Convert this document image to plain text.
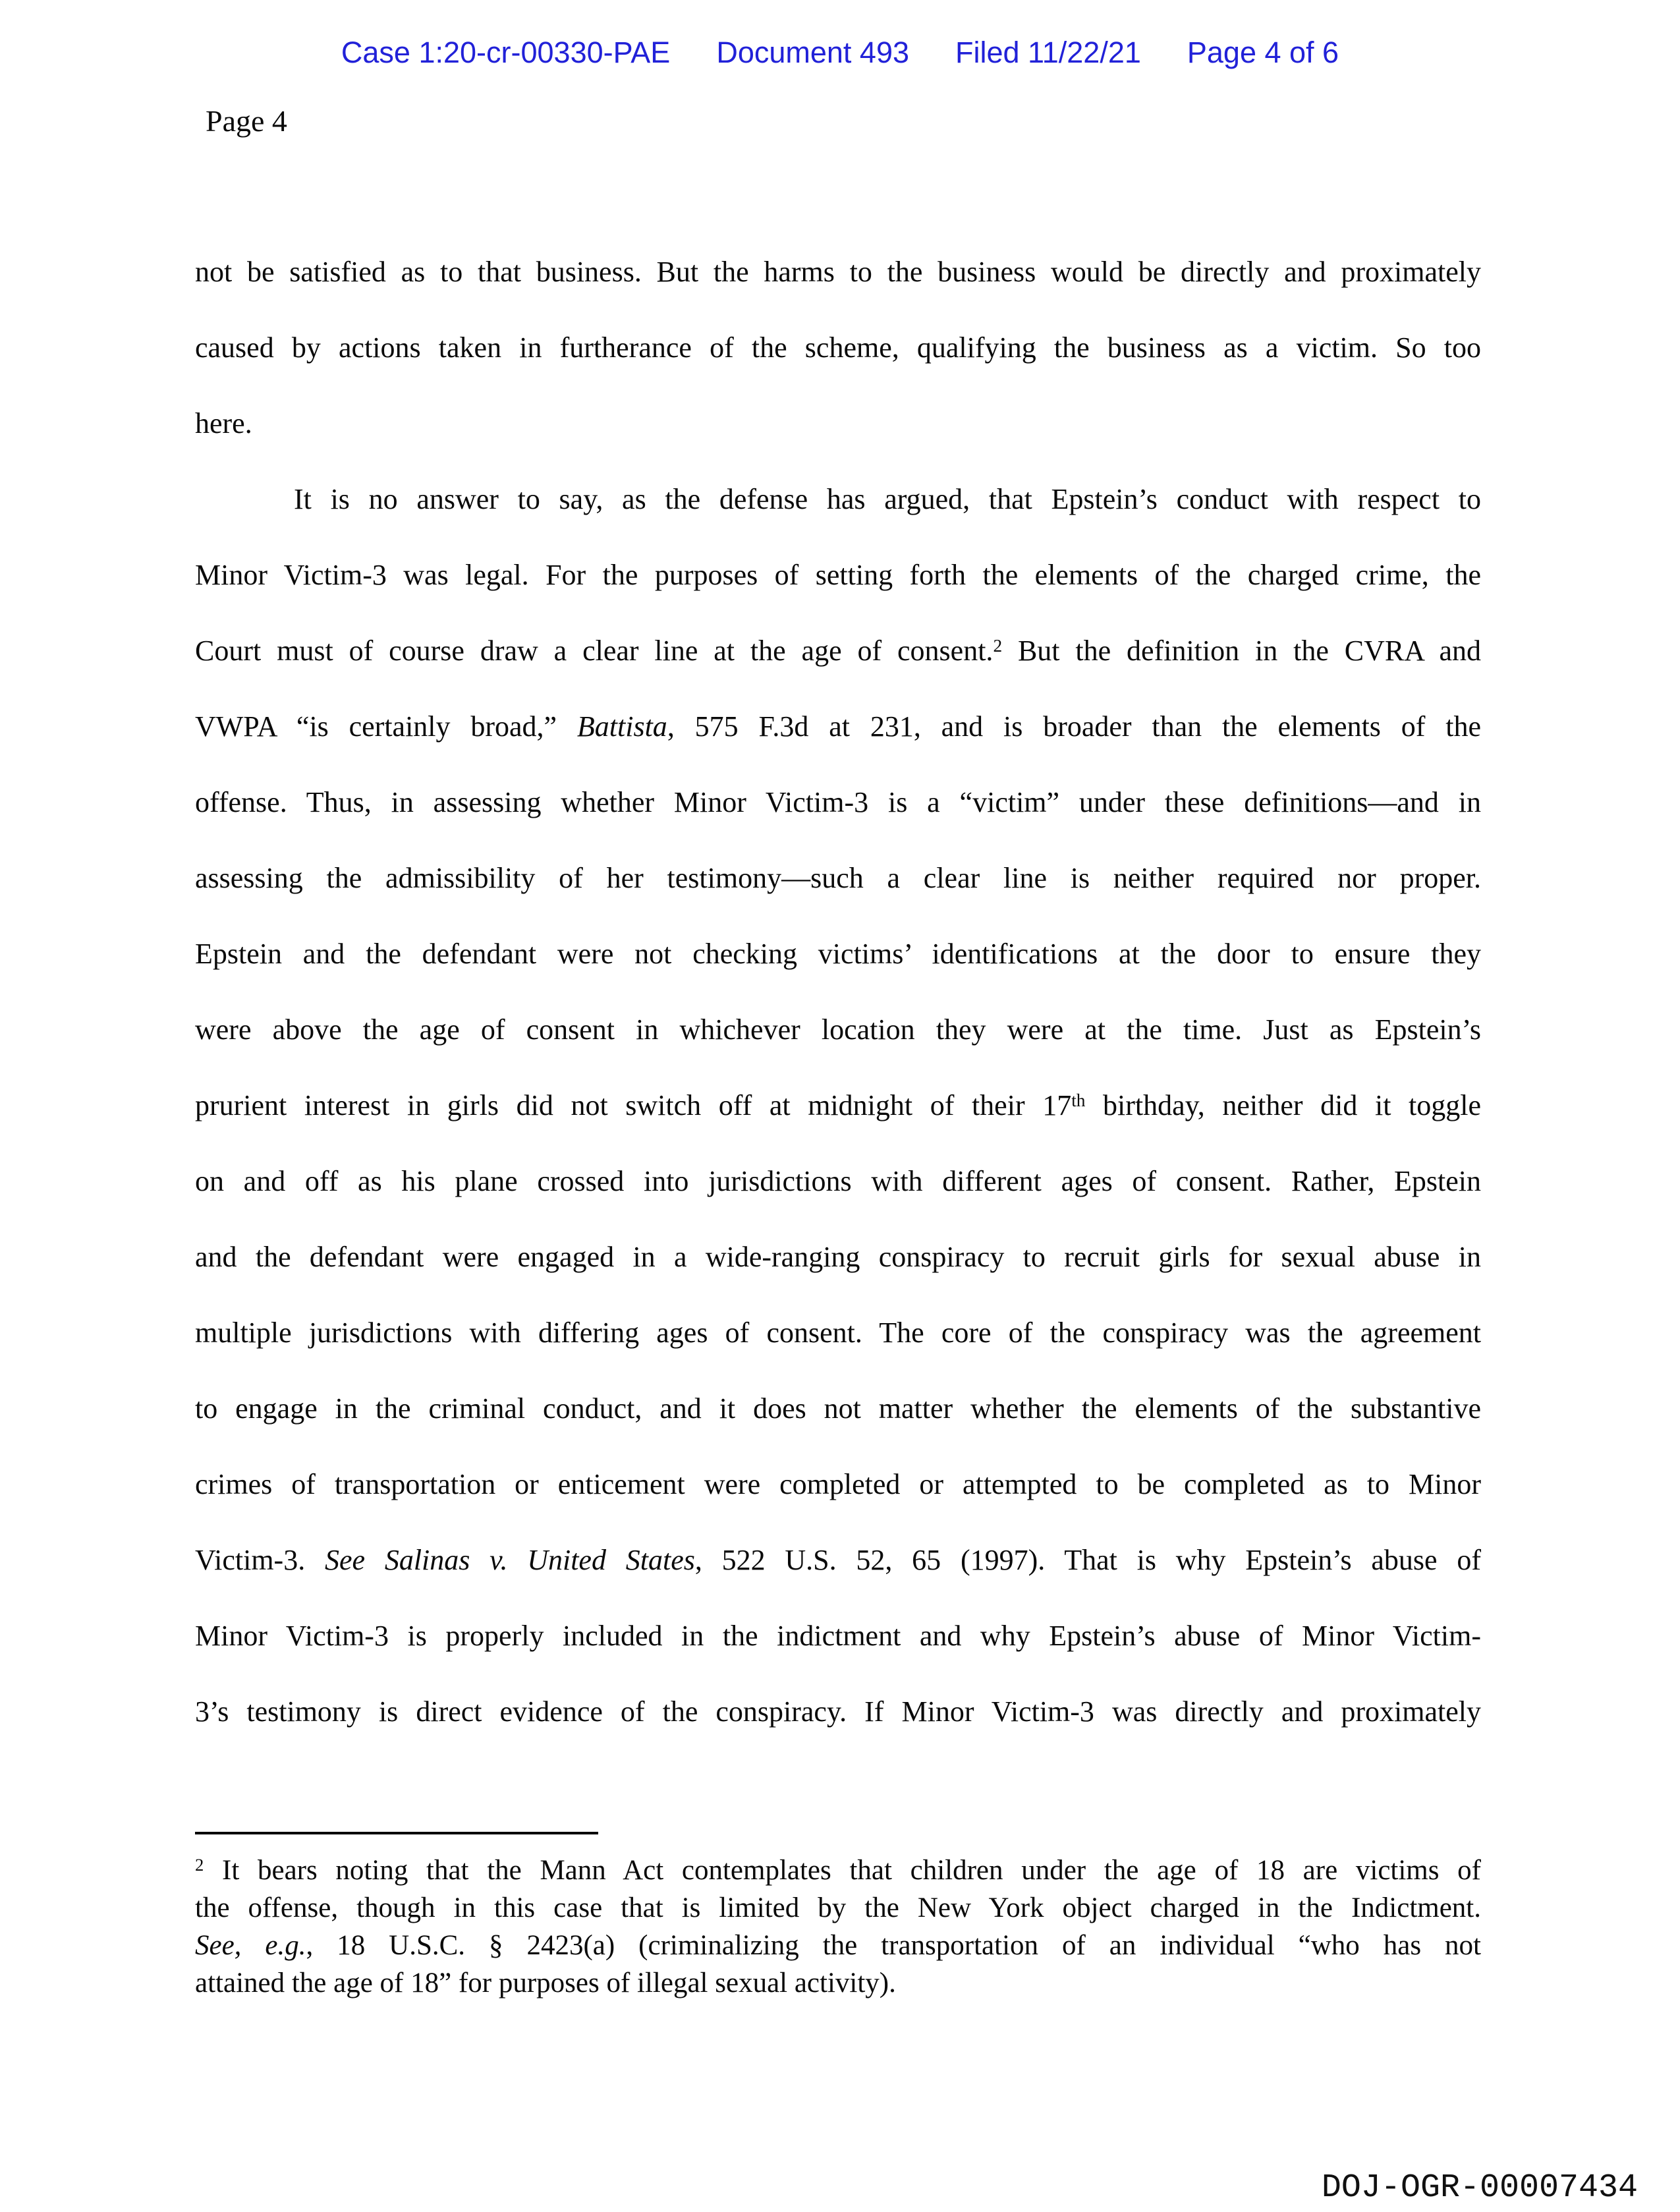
Case 1:20-cr-00330-PAE Document 493 Filed 11/22/21 Page 4 of 6
Page 4
not be satisfied as to that business. But the harms to the business would be directly and proximately
caused by actions taken in furtherance of the scheme, qualifying the business as a victim. So too
here.
It is no answer to say, as the defense has argued, that Epstein’s conduct with respect to
Minor Victim-3 was legal. For the purposes of setting forth the elements of the charged crime, the
Court must of course draw a clear line at the age of consent.$^2$ But the definition in the CVRA and
VWPA “is certainly broad,” Battista, 575 F.3d at 231, and is broader than the elements of the
offense. Thus, in assessing whether Minor Victim-3 is a “victim” under these definitions—and in
assessing the admissibility of her testimony—such a clear line is neither required nor proper.
Epstein and the defendant were not checking victims’ identifications at the door to ensure they
were above the age of consent in whichever location they were at the time. Just as Epstein’s
prurient interest in girls did not switch off at midnight of their 17th birthday, neither did it toggle
on and off as his plane crossed into jurisdictions with different ages of consent. Rather, Epstein
and the defendant were engaged in a wide-ranging conspiracy to recruit girls for sexual abuse in
multiple jurisdictions with differing ages of consent. The core of the conspiracy was the agreement
to engage in the criminal conduct, and it does not matter whether the elements of the substantive
crimes of transportation or enticement were completed or attempted to be completed as to Minor
Victim-3. See Salinas v. United States, 522 U.S. 52, 65 (1997). That is why Epstein’s abuse of
Minor Victim-3 is properly included in the indictment and why Epstein’s abuse of Minor Victim-
3’s testimony is direct evidence of the conspiracy. If Minor Victim-3 was directly and proximately
$^2$ It bears noting that the Mann Act contemplates that children under the age of 18 are victims of
the offense, though in this case that is limited by the New York object charged in the Indictment.
See, e.g., 18 U.S.C. § 2423(a) (criminalizing the transportation of an individual “who has not
attained the age of 18” for purposes of illegal sexual activity).
DOJ-OGR-00007434
